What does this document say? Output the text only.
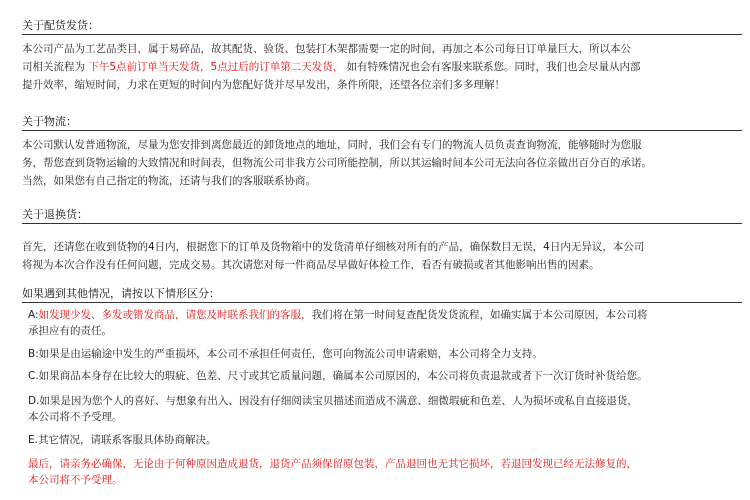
关于配货发货：
本公司产品为工艺品类目，属于易碎品，故其配货、验货、包装打木架都需要一定的时间，再加之本公司每日订单量巨大，所以本公
司相关流程为 下午5点前订单当天发货，5点过后的订单第二天发货， 如有特殊情况也会有客服来联系您。同时，我们也会尽量从内部
提升效率，缩短时间，力求在更短的时间内为您配好货并尽早发出，条件所限，还望各位亲们多多理解！
关于物流：
本公司默认发普通物流，尽量为您安排到离您最近的卸货地点的地址，同时，我们会有专门的物流人员负责查询物流，能够随时为您服
务，帮您查到货物运输的大致情况和时间表，但物流公司非我方公司所能控制，所以其运输时间本公司无法向各位亲做出百分百的承诺。
当然，如果您有自己指定的物流，还请与我们的客服联系协商。
关于退换货：
首先，还请您在收到货物的4日内，根据您下的订单及货物箱中的发货清单仔细核对所有的产品，确保数目无误，4日内无异议，本公司
将视为本次合作没有任何问题，完成交易。其次请您对每一件商品尽早做好体检工作，看否有破损或者其他影响出售的因素。
如果遇到其他情况，请按以下情形区分：
A:如发现少发、多发或错发商品，请您及时联系我们的客服，我们将在第一时间复查配货发货流程，如确实属于本公司原因，本公司将
承担应有的责任。
B:如果是由运输途中发生的严重损坏，本公司不承担任何责任，您可向物流公司申请索赔，本公司将全力支持。
C.如果商品本身存在比较大的瑕疵、色差、尺寸或其它质量问题，确属本公司原因的，本公司将负责退款或者下一次订货时补货给您。
D.如果是因为您个人的喜好、与想象有出入、因没有仔细阅读宝贝描述而造成不满意、细微瑕疵和色差、人为损坏或私自直接退货，
本公司将不予受理。
E.其它情况，请联系客服具体协商解决。
最后，请亲务必确保，无论由于何种原因造成退货，退货产品须保留原包装，产品退回也无其它损坏，若退回发现已经无法修复的，
本公司将不予受理。
